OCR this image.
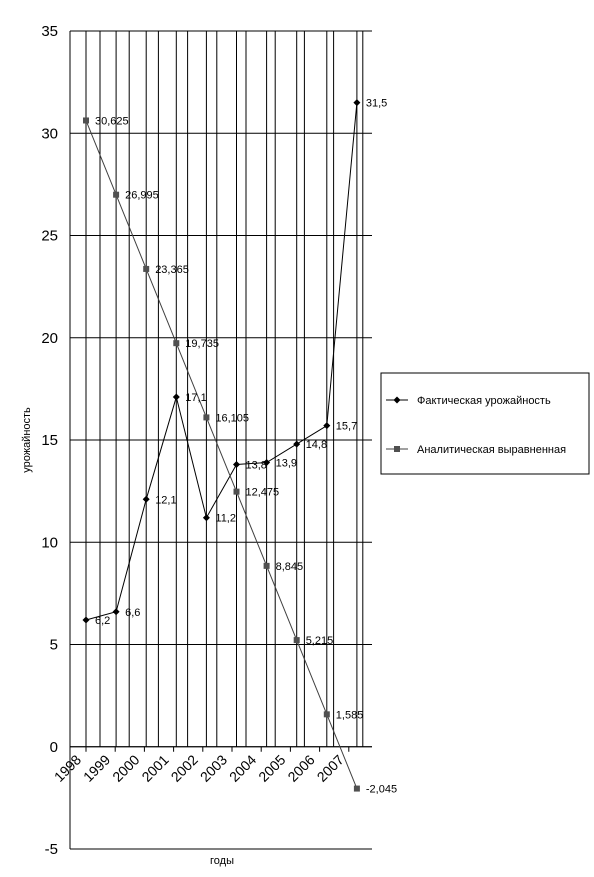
-5
0
5
10
15
20
25
30
35
1998
1999
2000
2001
2002
2003
2004
2005
2006
2007
6,2
6,6
12,1
17,1
11,2
13,8 13,9
14,8
15,7
31,5
30,625
26,995
23,365
19,735
16,105
12,475
8,845
5,215
1,585
-2,045
урожайность
годы
Фактическая урожайность
Аналитическая выравненная
